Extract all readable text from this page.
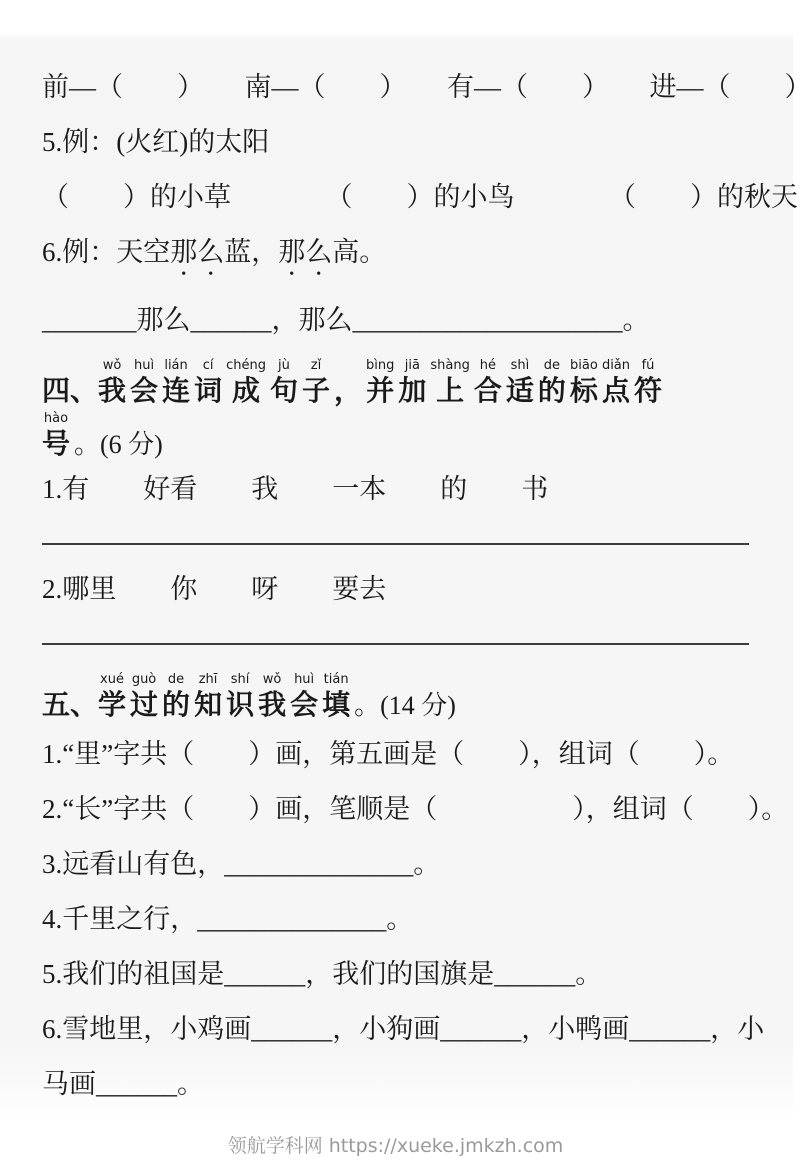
前—（　　）　　南—（　　）　　有—（　　）　　进—（　　）

5.例：(火红)的太阳

（　　）的小草　　　　（　　）的小鸟　　　　（　　）的秋天

6.例：天空那么蓝，那么高。

_______那么______，那么____________________。

四、我wǒ会huì连lián词cí成chéng句jù子zǐ， 并bìng加jiā上shàng合hé适shì的de标biāo点diǎn符fú
号hào。(6 分)

1.有　　好看　　我　　一本　　的　　书

2.哪里　　你　　呀　　要去

五、学xué过guò的de知zhī识shí我wǒ会huì填tián。(14 分)

1.“里”字共（　　）画，第五画是（　　），组词（　　）。

2.“长”字共（　　）画，笔顺是（　　　　　），组词（　　）。

3.远看山有色，______________。

4.千里之行，______________。

5.我们的祖国是______，我们的国旗是______。

6.雪地里，小鸡画______，小狗画______，小鸭画______，小

马画______。

领航学科网 https://xueke.jmkzh.com
